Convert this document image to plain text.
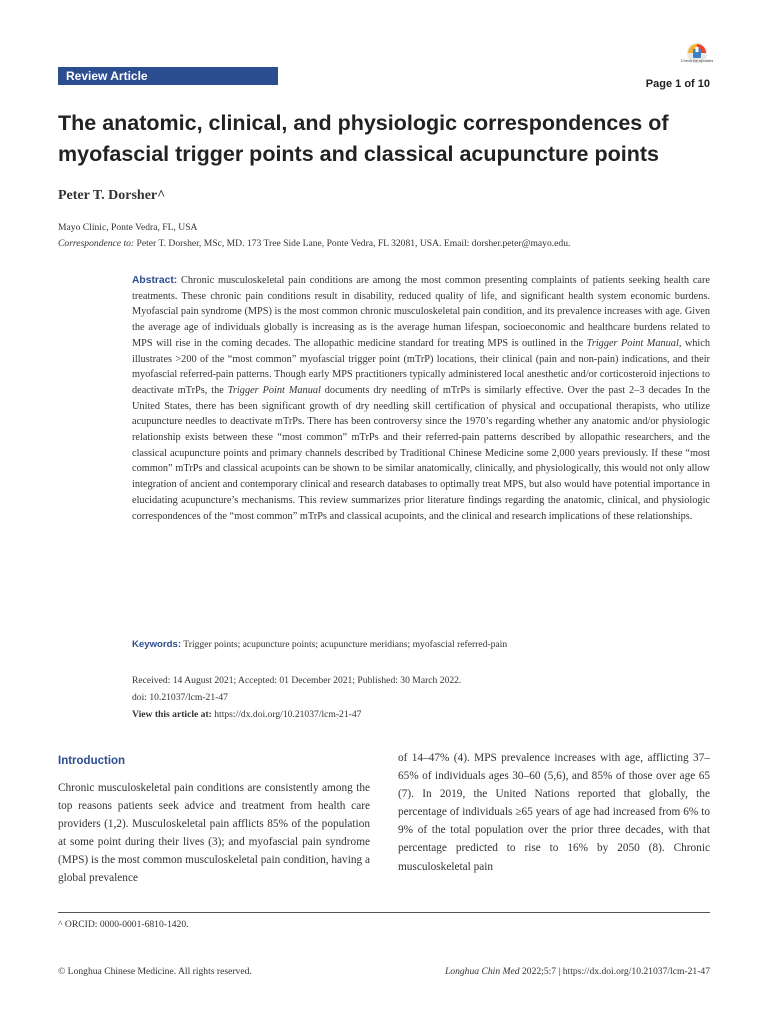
Review Article
Check for updates
Page 1 of 10
The anatomic, clinical, and physiologic correspondences of myofascial trigger points and classical acupuncture points
Peter T. Dorsher^
Mayo Clinic, Ponte Vedra, FL, USA
Correspondence to: Peter T. Dorsher, MSc, MD. 173 Tree Side Lane, Ponte Vedra, FL 32081, USA. Email: dorsher.peter@mayo.edu.
Abstract: Chronic musculoskeletal pain conditions are among the most common presenting complaints of patients seeking health care treatments. These chronic pain conditions result in disability, reduced quality of life, and significant health system economic burdens. Myofascial pain syndrome (MPS) is the most common chronic musculoskeletal pain condition, and its prevalence increases with age. Given the average age of individuals globally is increasing as is the average human lifespan, socioeconomic and healthcare burdens related to MPS will rise in the coming decades. The allopathic medicine standard for treating MPS is outlined in the Trigger Point Manual, which illustrates >200 of the “most common” myofascial trigger point (mTrP) locations, their clinical (pain and non-pain) indications, and their myofascial referred-pain patterns. Though early MPS practitioners typically administered local anesthetic and/or corticosteroid injections to deactivate mTrPs, the Trigger Point Manual documents dry needling of mTrPs is similarly effective. Over the past 2–3 decades In the United States, there has been significant growth of dry needling skill certification of physical and occupational therapists, who utilize acupuncture needles to deactivate mTrPs. There has been controversy since the 1970’s regarding whether any anatomic and/or physiologic relationship exists between these “most common” mTrPs and their referred-pain patterns described by allopathic researchers, and the classical acupuncture points and primary channels described by Traditional Chinese Medicine some 2,000 years previously. If these “most common” mTrPs and classical acupoints can be shown to be similar anatomically, clinically, and physiologically, this would not only allow integration of ancient and contemporary clinical and research databases to optimally treat MPS, but also would have potential importance in elucidating acupuncture’s mechanisms. This review summarizes prior literature findings regarding the anatomic, clinical, and physiologic correspondences of the “most common” mTrPs and classical acupoints, and the clinical and research implications of these relationships.
Keywords: Trigger points; acupuncture points; acupuncture meridians; myofascial referred-pain
Received: 14 August 2021; Accepted: 01 December 2021; Published: 30 March 2022.
doi: 10.21037/lcm-21-47
View this article at: https://dx.doi.org/10.21037/lcm-21-47
Introduction
Chronic musculoskeletal pain conditions are consistently among the top reasons patients seek advice and treatment from health care providers (1,2). Musculoskeletal pain afflicts 85% of the population at some point during their lives (3); and myofascial pain syndrome (MPS) is the most common musculoskeletal pain condition, having a global prevalence
of 14–47% (4). MPS prevalence increases with age, afflicting 37–65% of individuals ages 30–60 (5,6), and 85% of those over age 65 (7). In 2019, the United Nations reported that globally, the percentage of individuals ≥65 years of age had increased from 6% to 9% of the total population over the prior three decades, with that percentage predicted to rise to 16% by 2050 (8). Chronic musculoskeletal pain
^ ORCID: 0000-0001-6810-1420.
© Longhua Chinese Medicine. All rights reserved.	Longhua Chin Med 2022;5:7 | https://dx.doi.org/10.21037/lcm-21-47
